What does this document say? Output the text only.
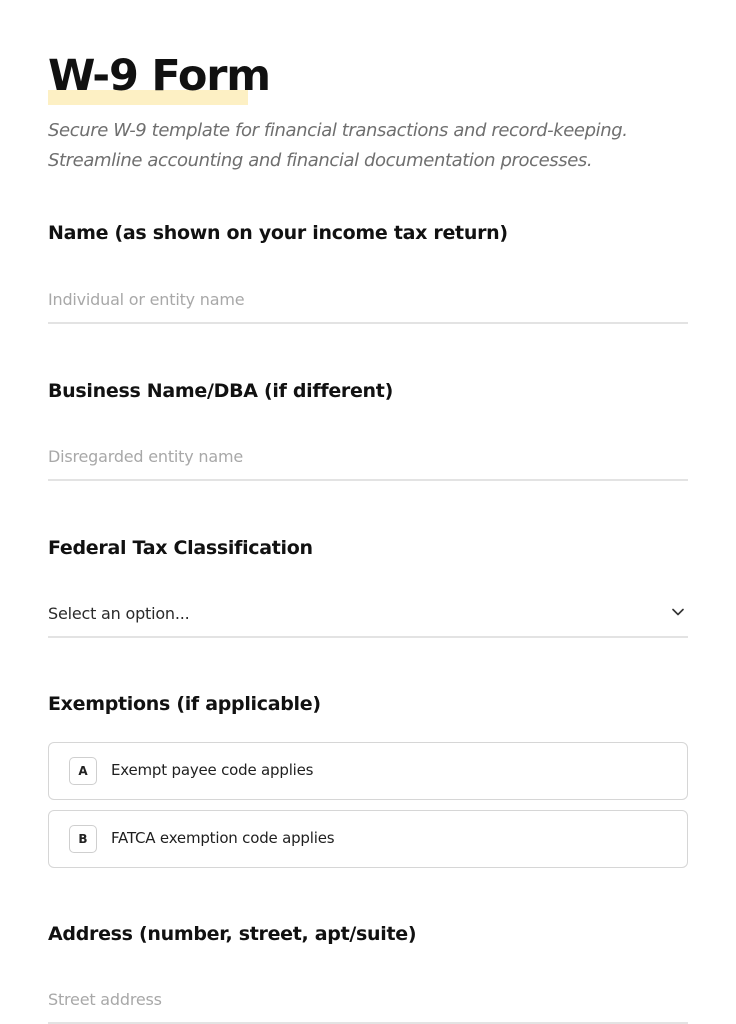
W-9 Form

Secure W-9 template for financial transactions and record-keeping.
Streamline accounting and financial documentation processes.

Name (as shown on your income tax return)
Individual or entity name
Business Name/DBA (if different)
Disregarded entity name
Federal Tax Classification
Select an option...
Exemptions (if applicable)
A	Exempt payee code applies
B	FATCA exemption code applies
Address (number, street, apt/suite)
Street address
